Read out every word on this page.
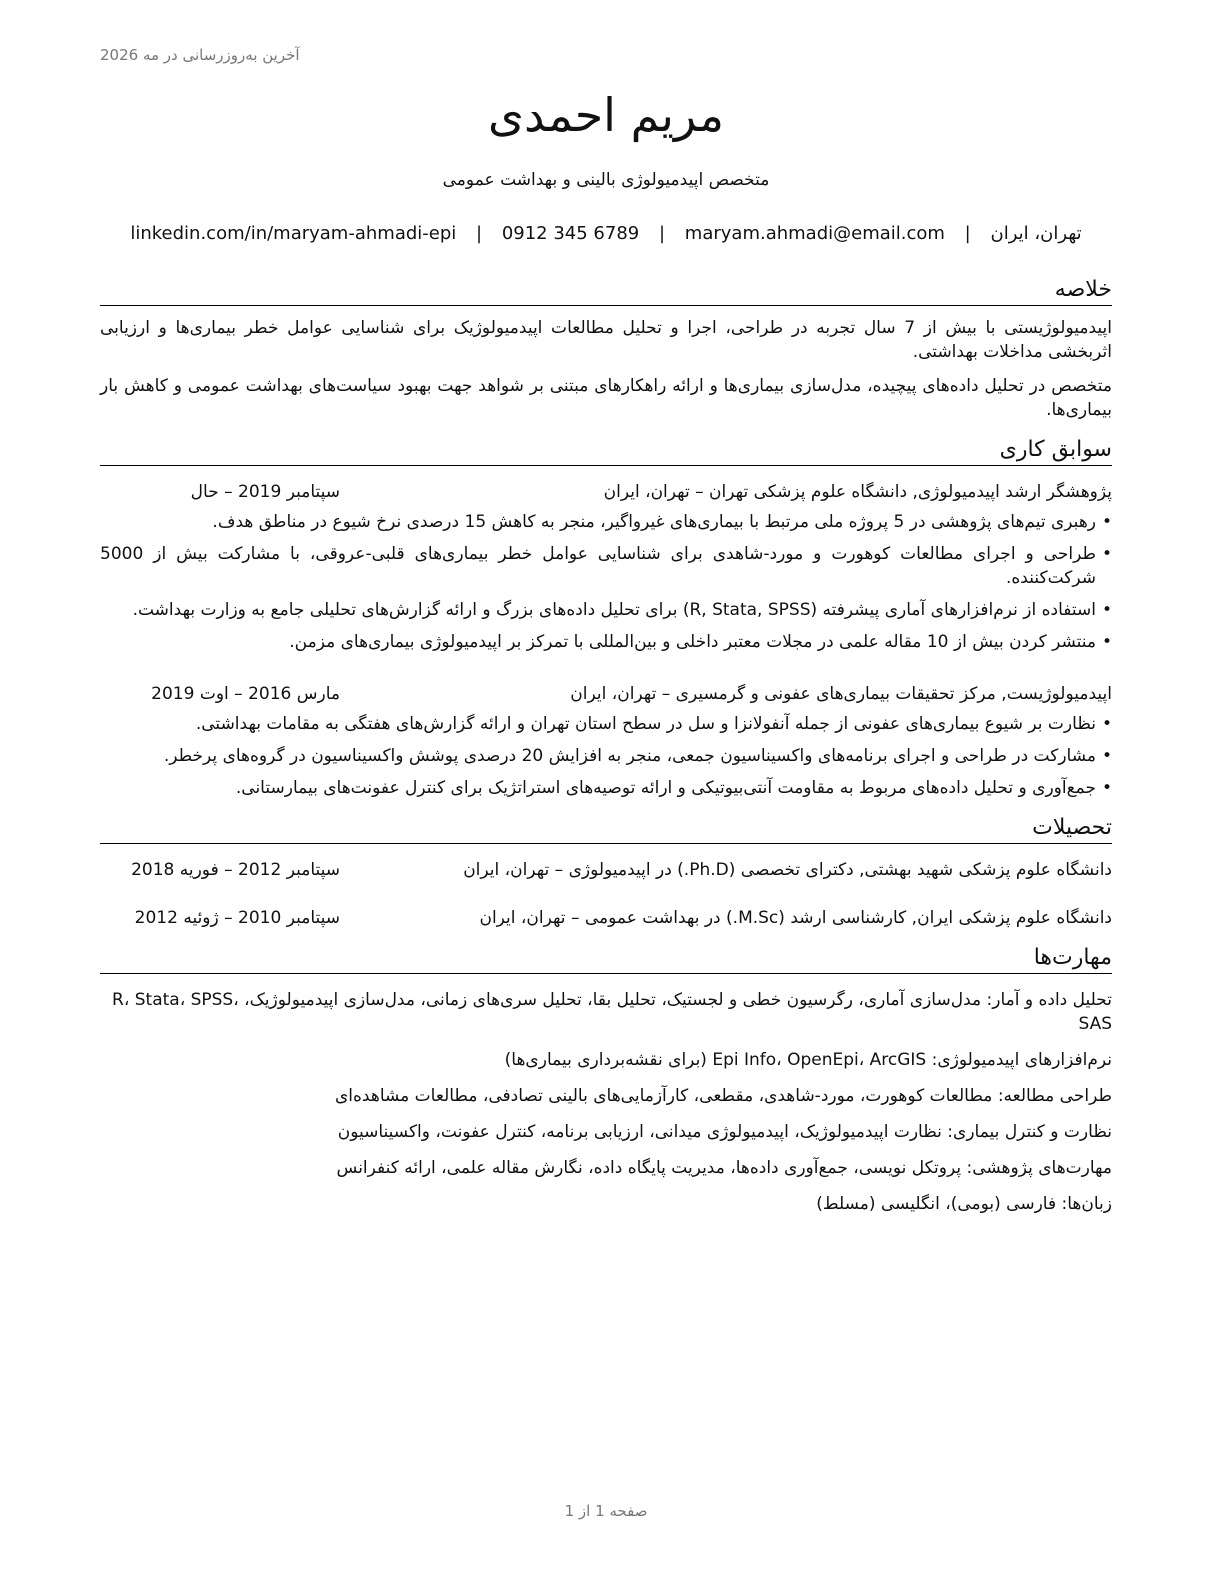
آخرین به‌روزرسانی در مه 2026
مریم احمدی
متخصص اپیدمیولوژی بالینی و بهداشت عمومی
تهران، ایران | maryam.ahmadi@email.com | 0912 345 6789 | linkedin.com/in/maryam-ahmadi-epi
خلاصه

اپیدمیولوژیستی با بیش از 7 سال تجربه در طراحی، اجرا و تحلیل مطالعات اپیدمیولوژیک برای شناسایی عوامل خطر بیماری‌ها و ارزیابی اثربخشی مداخلات بهداشتی.

متخصص در تحلیل داده‌های پیچیده، مدل‌سازی بیماری‌ها و ارائه راهکارهای مبتنی بر شواهد جهت بهبود سیاست‌های بهداشت عمومی و کاهش بار بیماری‌ها.

سوابق کاری
پژوهشگر ارشد اپیدمیولوژی, دانشگاه علوم پزشکی تهران – تهران، ایران
سپتامبر 2019 – حال
• رهبری تیم‌های پژوهشی در 5 پروژه ملی مرتبط با بیماری‌های غیرواگیر، منجر به کاهش 15 درصدی نرخ شیوع در مناطق هدف.
• طراحی و اجرای مطالعات کوهورت و مورد-شاهدی برای شناسایی عوامل خطر بیماری‌های قلبی-عروقی، با مشارکت بیش از 5000 شرکت‌کننده.
• استفاده از نرم‌افزارهای آماری پیشرفته (R, Stata, SPSS) برای تحلیل داده‌های بزرگ و ارائه گزارش‌های تحلیلی جامع به وزارت بهداشت.
• منتشر کردن بیش از 10 مقاله علمی در مجلات معتبر داخلی و بین‌المللی با تمرکز بر اپیدمیولوژی بیماری‌های مزمن.
اپیدمیولوژیست, مرکز تحقیقات بیماری‌های عفونی و گرمسیری – تهران، ایران
مارس 2016 – اوت 2019
• نظارت بر شیوع بیماری‌های عفونی از جمله آنفولانزا و سل در سطح استان تهران و ارائه گزارش‌های هفتگی به مقامات بهداشتی.
• مشارکت در طراحی و اجرای برنامه‌های واکسیناسیون جمعی، منجر به افزایش 20 درصدی پوشش واکسیناسیون در گروه‌های پرخطر.
• جمع‌آوری و تحلیل داده‌های مربوط به مقاومت آنتی‌بیوتیکی و ارائه توصیه‌های استراتژیک برای کنترل عفونت‌های بیمارستانی.
تحصیلات
دانشگاه علوم پزشکی شهید بهشتی, دکترای تخصصی (Ph.D.) در اپیدمیولوژی – تهران، ایران
سپتامبر 2012 – فوریه 2018
دانشگاه علوم پزشکی ایران, کارشناسی ارشد (M.Sc.) در بهداشت عمومی – تهران، ایران
سپتامبر 2010 – ژوئیه 2012
مهارت‌ها

تحلیل داده و آمار: مدل‌سازی آماری، رگرسیون خطی و لجستیک، تحلیل بقا، تحلیل سری‌های زمانی، مدل‌سازی اپیدمیولوژیک، R، Stata، SPSS، SAS

نرم‌افزارهای اپیدمیولوژی: Epi Info، OpenEpi، ArcGIS (برای نقشه‌برداری بیماری‌ها)

طراحی مطالعه: مطالعات کوهورت، مورد-شاهدی، مقطعی، کارآزمایی‌های بالینی تصادفی، مطالعات مشاهده‌ای

نظارت و کنترل بیماری: نظارت اپیدمیولوژیک، اپیدمیولوژی میدانی، ارزیابی برنامه، کنترل عفونت، واکسیناسیون

مهارت‌های پژوهشی: پروتکل نویسی، جمع‌آوری داده‌ها، مدیریت پایگاه داده، نگارش مقاله علمی، ارائه کنفرانس

زبان‌ها: فارسی (بومی)، انگلیسی (مسلط)

صفحه 1 از 1
